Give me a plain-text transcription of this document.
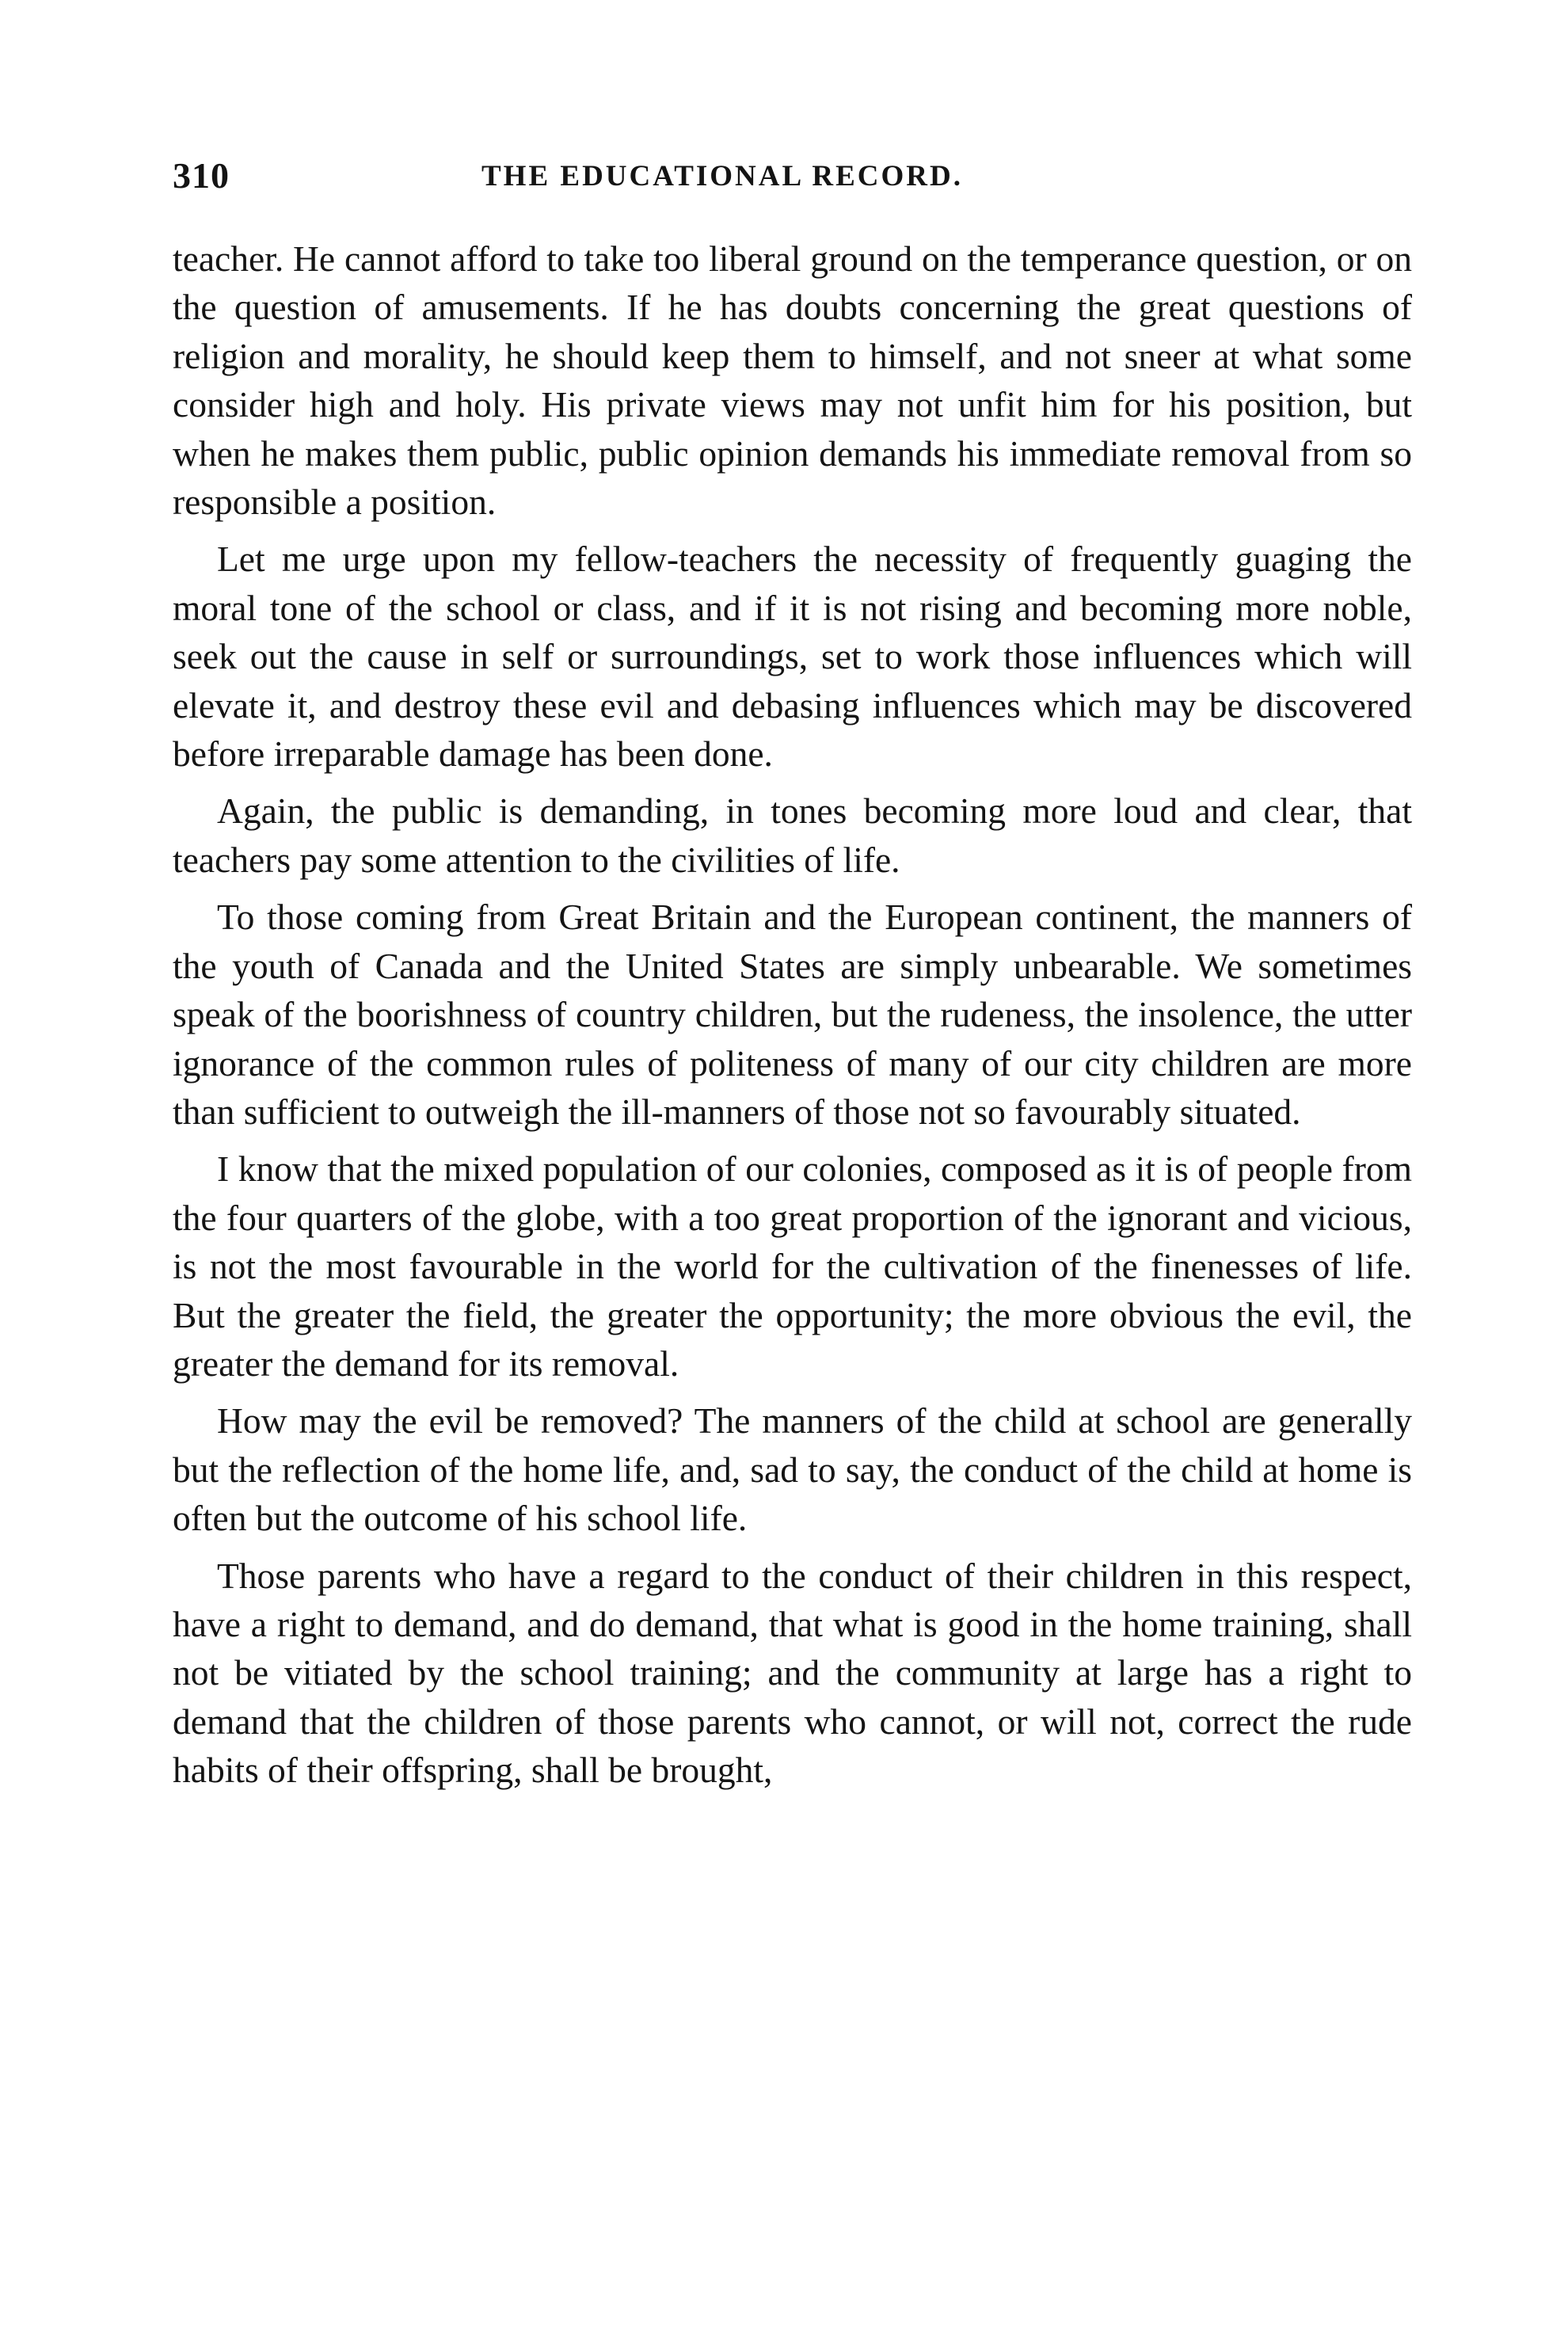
310	THE EDUCATIONAL RECORD.

teacher. He cannot afford to take too liberal ground on the temperance question, or on the question of amusements. If he has doubts concerning the great questions of religion and morality, he should keep them to himself, and not sneer at what some consider high and holy. His private views may not unfit him for his position, but when he makes them public, public opinion demands his immediate removal from so responsible a position.

Let me urge upon my fellow-teachers the necessity of frequently guaging the moral tone of the school or class, and if it is not rising and becoming more noble, seek out the cause in self or surroundings, set to work those influences which will elevate it, and destroy these evil and debasing influences which may be discovered before irreparable damage has been done.

Again, the public is demanding, in tones becoming more loud and clear, that teachers pay some attention to the civilities of life.

To those coming from Great Britain and the European continent, the manners of the youth of Canada and the United States are simply unbearable. We sometimes speak of the boorishness of country children, but the rudeness, the insolence, the utter ignorance of the common rules of politeness of many of our city children are more than sufficient to outweigh the ill-manners of those not so favourably situated.

I know that the mixed population of our colonies, composed as it is of people from the four quarters of the globe, with a too great proportion of the ignorant and vicious, is not the most favourable in the world for the cultivation of the finenesses of life. But the greater the field, the greater the opportunity; the more obvious the evil, the greater the demand for its removal.

How may the evil be removed? The manners of the child at school are generally but the reflection of the home life, and, sad to say, the conduct of the child at home is often but the outcome of his school life.

Those parents who have a regard to the conduct of their children in this respect, have a right to demand, and do demand, that what is good in the home training, shall not be vitiated by the school training; and the community at large has a right to demand that the children of those parents who cannot, or will not, correct the rude habits of their offspring, shall be brought,
